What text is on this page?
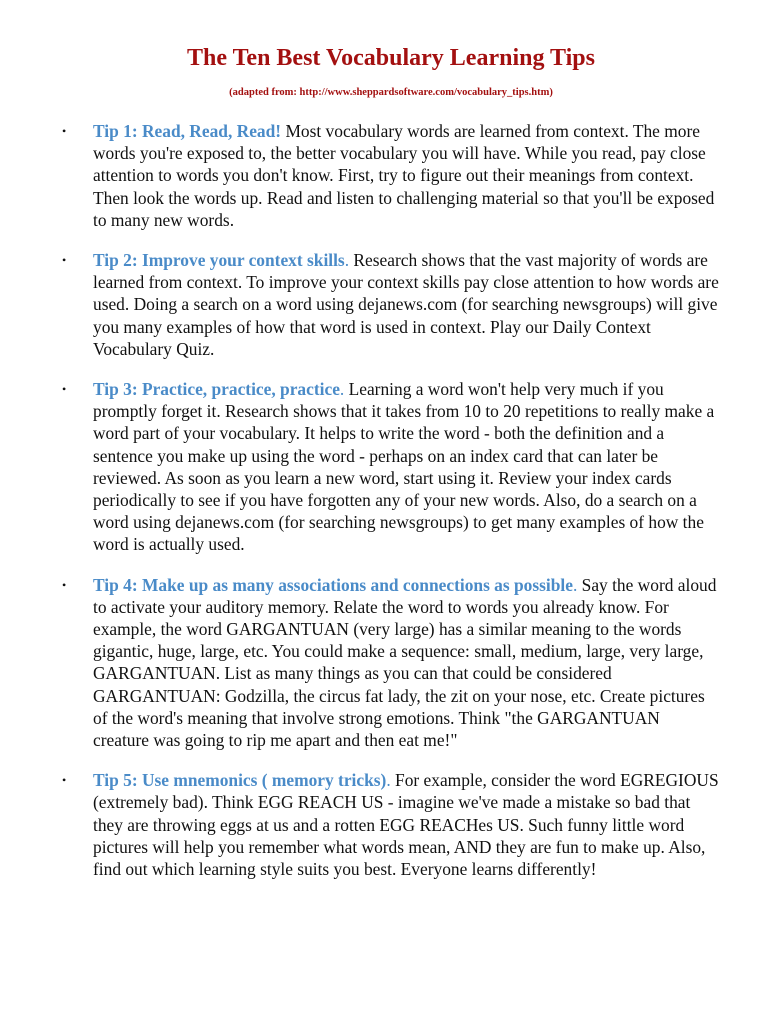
The Ten Best Vocabulary Learning Tips

(adapted from: http://www.sheppardsoftware.com/vocabulary_tips.htm)

•	Tip 1: Read, Read, Read! Most vocabulary words are learned from context. The more words you're exposed to, the better vocabulary you will have. While you read, pay close attention to words you don't know. First, try to figure out their meanings from context. Then look the words up. Read and listen to challenging material so that you'll be exposed to many new words.
•	Tip 2: Improve your context skills. Research shows that the vast majority of words are learned from context. To improve your context skills pay close attention to how words are used. Doing a search on a word using dejanews.com (for searching newsgroups) will give you many examples of how that word is used in context. Play our Daily Context Vocabulary Quiz.
•	Tip 3: Practice, practice, practice. Learning a word won't help very much if you promptly forget it. Research shows that it takes from 10 to 20 repetitions to really make a word part of your vocabulary. It helps to write the word - both the definition and a sentence you make up using the word - perhaps on an index card that can later be reviewed. As soon as you learn a new word, start using it. Review your index cards periodically to see if you have forgotten any of your new words. Also, do a search on a word using dejanews.com (for searching newsgroups) to get many examples of how the word is actually used.
•	Tip 4: Make up as many associations and connections as possible. Say the word aloud to activate your auditory memory. Relate the word to words you already know. For example, the word GARGANTUAN (very large) has a similar meaning to the words gigantic, huge, large, etc. You could make a sequence: small, medium, large, very large, GARGANTUAN. List as many things as you can that could be considered GARGANTUAN: Godzilla, the circus fat lady, the zit on your nose, etc. Create pictures of the word's meaning that involve strong emotions. Think "the GARGANTUAN creature was going to rip me apart and then eat me!"
•	Tip 5: Use mnemonics ( memory tricks). For example, consider the word EGREGIOUS (extremely bad). Think EGG REACH US - imagine we've made a mistake so bad that they are throwing eggs at us and a rotten EGG REACHes US. Such funny little word pictures will help you remember what words mean, AND they are fun to make up. Also, find out which learning style suits you best. Everyone learns differently!
